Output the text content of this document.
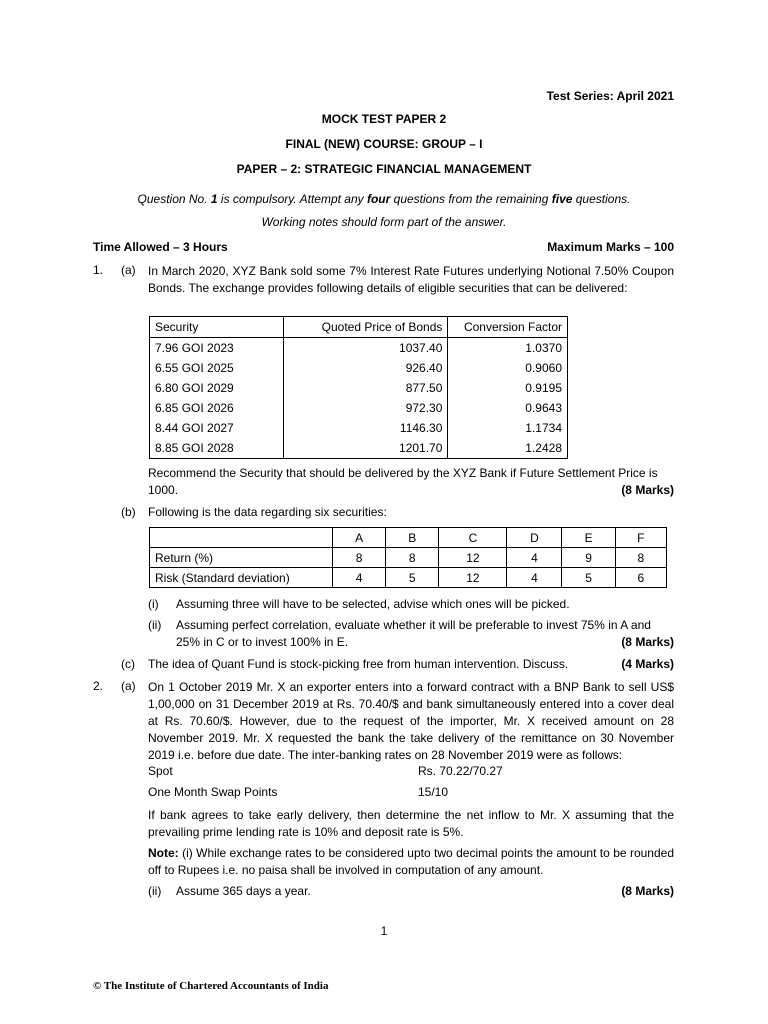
Test Series: April 2021
MOCK TEST PAPER 2
FINAL (NEW) COURSE: GROUP – I
PAPER – 2: STRATEGIC FINANCIAL MANAGEMENT
Question No. 1 is compulsory. Attempt any four questions from the remaining five questions.
Working notes should form part of the answer.
Time Allowed – 3 Hours	Maximum Marks – 100
1. (a) In March 2020, XYZ Bank sold some 7% Interest Rate Futures underlying Notional 7.50% Coupon Bonds. The exchange provides following details of eligible securities that can be delivered:
Security	Quoted Price of Bonds	Conversion Factor
7.96 GOI 2023	1037.40	1.0370
6.55 GOI 2025	926.40	0.9060
6.80 GOI 2029	877.50	0.9195
6.85 GOI 2026	972.30	0.9643
8.44 GOI 2027	1146.30	1.1734
8.85 GOI 2028	1201.70	1.2428
Recommend the Security that should be delivered by the XYZ Bank if Future Settlement Price is
1000.	(8 Marks)
(b) Following is the data regarding six securities:
	A	B	C	D	E	F
Return (%)	8	8	12	4	9	8
Risk (Standard deviation)	4	5	12	4	5	6
(i) Assuming three will have to be selected, advise which ones will be picked.
(ii) Assuming perfect correlation, evaluate whether it will be preferable to invest 75% in A and
25% in C or to invest 100% in E.	(8 Marks)
(c) The idea of Quant Fund is stock-picking free from human intervention. Discuss.	(4 Marks)
2. (a) On 1 October 2019 Mr. X an exporter enters into a forward contract with a BNP Bank to sell US$ 1,00,000 on 31 December 2019 at Rs. 70.40/$ and bank simultaneously entered into a cover deal at Rs. 70.60/$. However, due to the request of the importer, Mr. X received amount on 28 November 2019. Mr. X requested the bank the take delivery of the remittance on 30 November 2019 i.e. before due date. The inter-banking rates on 28 November 2019 were as follows:
Spot	Rs. 70.22/70.27
One Month Swap Points	15/10
If bank agrees to take early delivery, then determine the net inflow to Mr. X assuming that the prevailing prime lending rate is 10% and deposit rate is 5%.
Note: (i) While exchange rates to be considered upto two decimal points the amount to be rounded off to Rupees i.e. no paisa shall be involved in computation of any amount.
(ii) Assume 365 days a year.	(8 Marks)
1
© The Institute of Chartered Accountants of India
